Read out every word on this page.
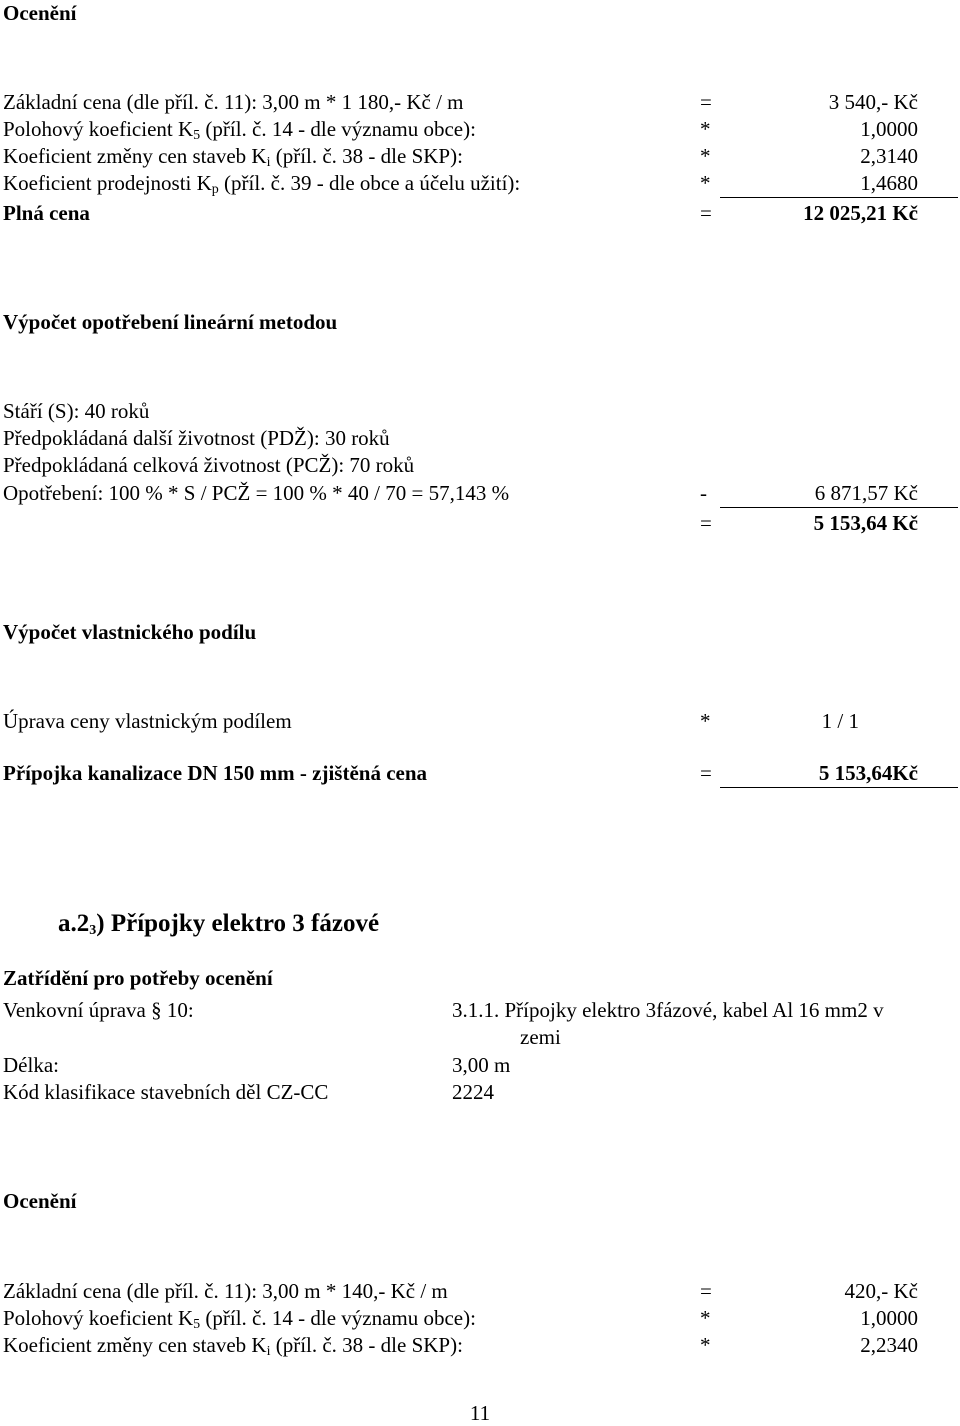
Ocenění
Základní cena (dle příl. č. 11): 3,00 m * 1 180,- Kč / m	=	3 540,- Kč
Polohový koeficient $K_5$ (příl. č. 14 - dle významu obce):	*	1,0000
Koeficient změny cen staveb $K_i$ (příl. č. 38 - dle SKP):	*	2,3140
Koeficient prodejnosti $K_p$ (příl. č. 39 - dle obce a účelu užití):	*	1,4680
Plná cena	=	12 025,21 Kč
Výpočet opotřebení lineární metodou
Stáří (S): 40 roků
Předpokládaná další životnost (PDŽ): 30 roků
Předpokládaná celková životnost (PCŽ): 70 roků
Opotřebení: 100 % * S / PCŽ = 100 % * 40 / 70 = 57,143 %	-	6 871,57 Kč
=	5 153,64 Kč
Výpočet vlastnického podílu
Úprava ceny vlastnickým podílem	*	1 / 1
Přípojka kanalizace DN 150 mm - zjištěná cena	=	5 153,64Kč
$a.2_3$) Přípojky elektro 3 fázové
Zatřídění pro potřeby ocenění
Venkovní úprava § 10:	3.1.1. Přípojky elektro 3fázové, kabel Al 16 mm2 v
zemi
Délka:	3,00 m
Kód klasifikace stavebních děl CZ-CC	2224
Ocenění
Základní cena (dle příl. č. 11): 3,00 m * 140,- Kč / m	=	420,- Kč
Polohový koeficient $K_5$ (příl. č. 14 - dle významu obce):	*	1,0000
Koeficient změny cen staveb $K_i$ (příl. č. 38 - dle SKP):	*	2,2340
11
